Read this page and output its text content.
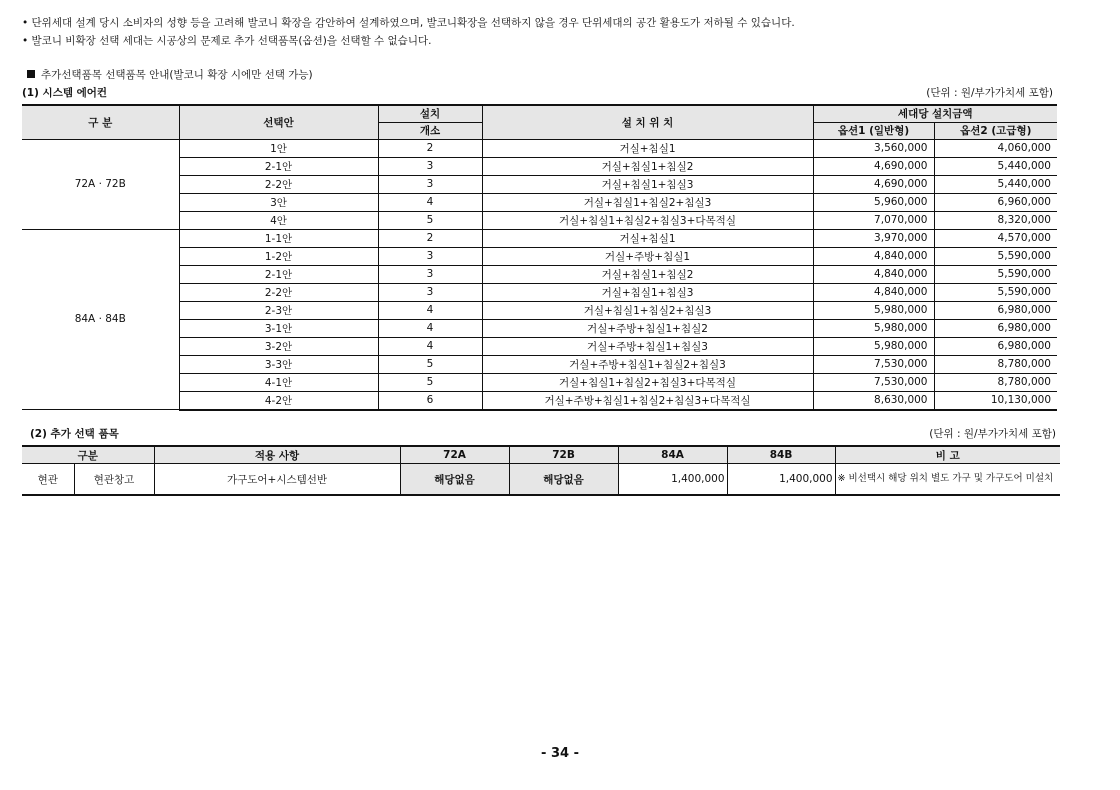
• 단위세대 설계 당시 소비자의 성향 등을 고려해 발코니 확장을 감안하여 설계하였으며, 발코니확장을 선택하지 않을 경우 단위세대의 공간 활용도가 저하될 수 있습니다.
• 발코니 비확장 선택 세대는 시공상의 문제로 추가 선택품목(옵션)을 선택할 수 없습니다.
추가선택품목 선택품목 안내(발코니 확장 시에만 선택 가능)
(1) 시스템 에어컨	(단위 : 원/부가가치세 포함)
구 분	선택안	설치	설 치 위 치	세대당 설치금액	
		개소		옵션1 (일반형)	옵션2 (고급형)
72A · 72B	1안	2	거실+침실1	3,560,000	4,060,000
	2-1안	3	거실+침실1+침실2	4,690,000	5,440,000
	2-2안	3	거실+침실1+침실3	4,690,000	5,440,000
	3안	4	거실+침실1+침실2+침실3	5,960,000	6,960,000
	4안	5	거실+침실1+침실2+침실3+다목적실	7,070,000	8,320,000
84A · 84B	1-1안	2	거실+침실1	3,970,000	4,570,000
	1-2안	3	거실+주방+침실1	4,840,000	5,590,000
	2-1안	3	거실+침실1+침실2	4,840,000	5,590,000
	2-2안	3	거실+침실1+침실3	4,840,000	5,590,000
	2-3안	4	거실+침실1+침실2+침실3	5,980,000	6,980,000
	3-1안	4	거실+주방+침실1+침실2	5,980,000	6,980,000
	3-2안	4	거실+주방+침실1+침실3	5,980,000	6,980,000
	3-3안	5	거실+주방+침실1+침실2+침실3	7,530,000	8,780,000
	4-1안	5	거실+침실1+침실2+침실3+다목적실	7,530,000	8,780,000
	4-2안	6	거실+주방+침실1+침실2+침실3+다목적실	8,630,000	10,130,000
(2) 추가 선택 품목	(단위 : 원/부가가치세 포함)
구분		적용 사항	72A	72B	84A	84B	비 고
현관	현관창고	가구도어+시스템선반	해당없음	해당없음	1,400,000	1,400,000	※ 비선택시 해당 위치 별도 가구 및 가구도어 미설치
- 34 -
